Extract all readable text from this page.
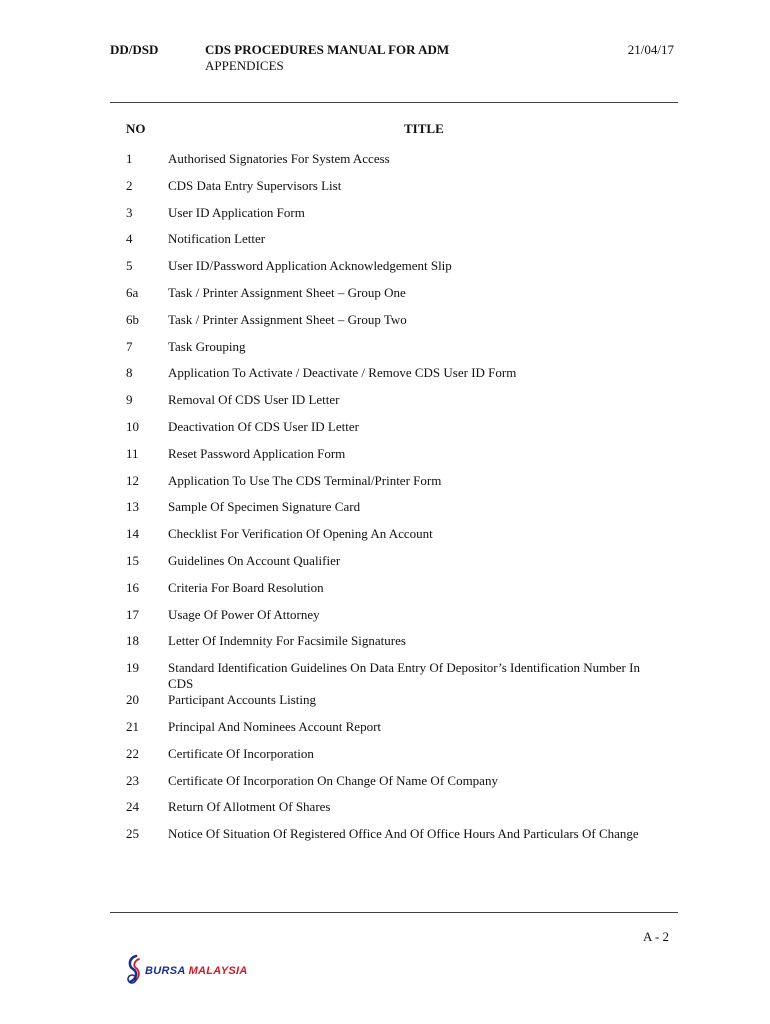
DD/DSD	CDS PROCEDURES MANUAL FOR ADM
APPENDICES
21/04/17
NO	TITLE
1	Authorised Signatories For System Access
2	CDS Data Entry Supervisors List
3	User ID Application Form
4	Notification Letter
5	User ID/Password Application Acknowledgement Slip
6a	Task / Printer Assignment Sheet – Group One
6b	Task / Printer Assignment Sheet – Group Two
7	Task Grouping
8	Application To Activate / Deactivate / Remove CDS User ID Form
9	Removal Of CDS User ID Letter
10	Deactivation Of CDS User ID Letter
11	Reset Password Application Form
12	Application To Use The CDS Terminal/Printer Form
13	Sample Of Specimen Signature Card
14	Checklist For Verification Of Opening An Account
15	Guidelines On Account Qualifier
16	Criteria For Board Resolution
17	Usage Of Power Of Attorney
18	Letter Of Indemnity For Facsimile Signatures
19	Standard Identification Guidelines On Data Entry Of Depositor’s Identification Number In CDS
20	Participant Accounts Listing
21	Principal And Nominees Account Report
22	Certificate Of Incorporation
23	Certificate Of Incorporation On Change Of Name Of Company
24	Return Of Allotment Of Shares
25	Notice Of Situation Of Registered Office And Of Office Hours And Particulars Of Change
A - 2
BURSA MALAYSIA
